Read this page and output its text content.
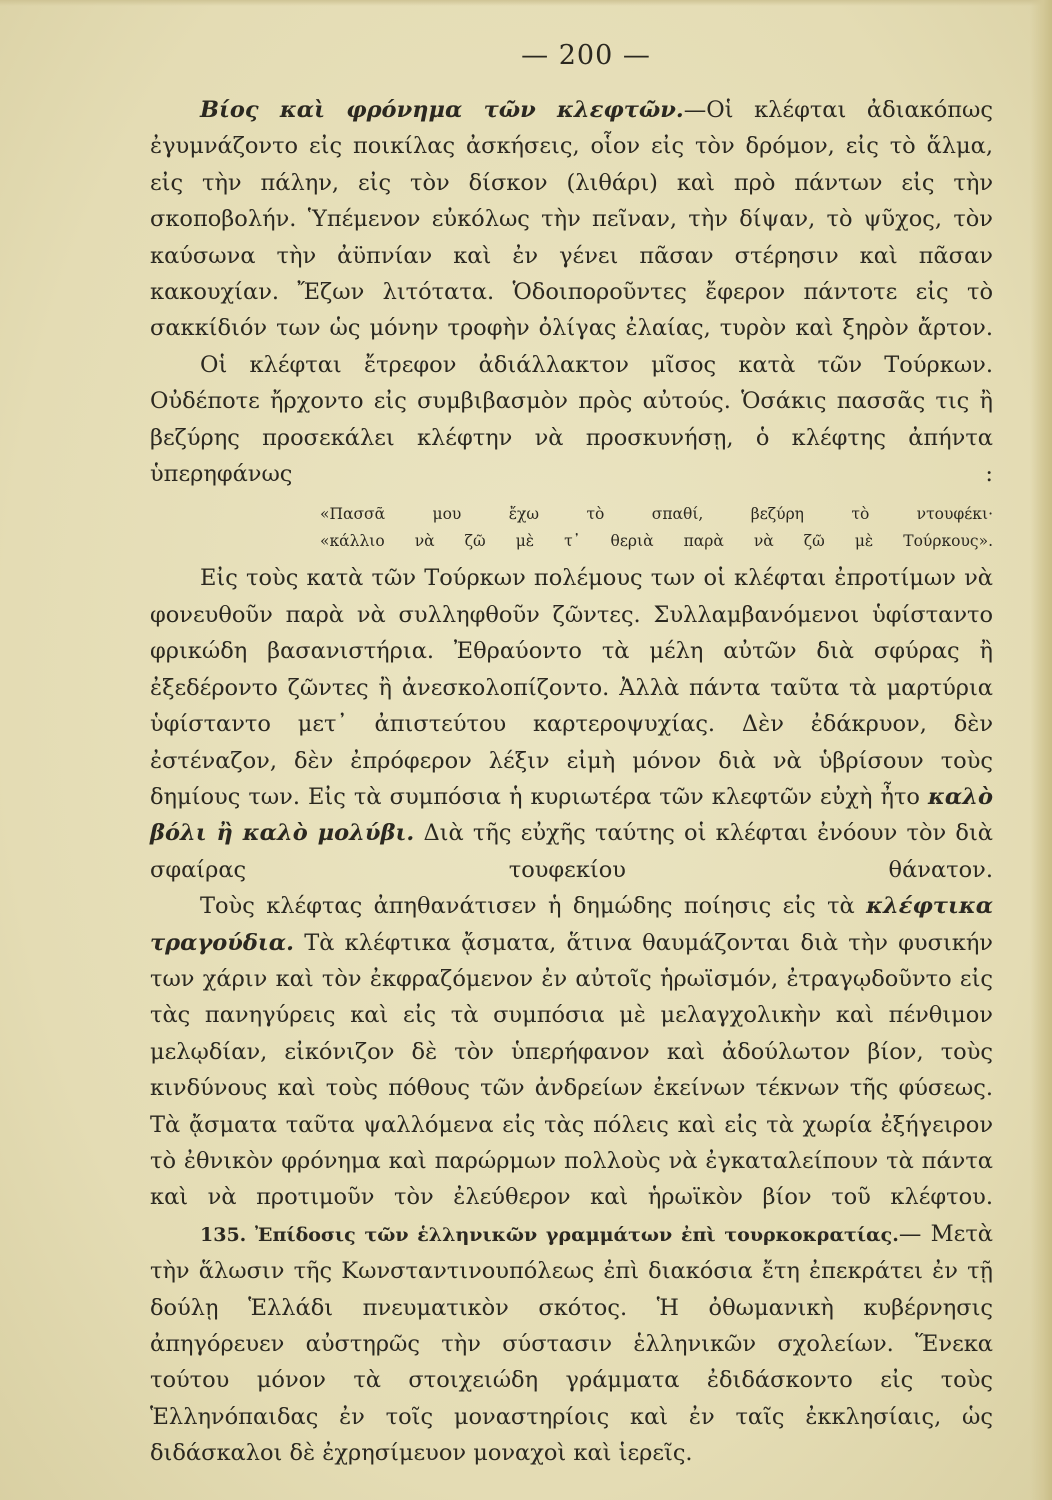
— 200 —

Βίος καὶ φρόνημα τῶν κλεφτῶν.—Οἱ κλέφται ἀδιακόπως ἐγυμνάζοντο εἰς ποικίλας ἀσκήσεις, οἷον εἰς τὸν δρόμον, εἰς τὸ ἅλμα, εἰς τὴν πάλην, εἰς τὸν δίσκον (λιθάρι) καὶ πρὸ πάντων εἰς τὴν σκοποβολήν. Ὑπέμενον εὐκόλως τὴν πεῖναν, τὴν δίψαν, τὸ ψῦχος, τὸν καύσωνα τὴν ἀϋπνίαν καὶ ἐν γένει πᾶσαν στέρησιν καὶ πᾶσαν κακουχίαν. Ἔζων λιτότατα. Ὁδοιποροῦντες ἔφερον πάντοτε εἰς τὸ σακκίδιόν των ὡς μόνην τροφὴν ὀλίγας ἐλαίας, τυρὸν καὶ ξηρὸν ἄρτον.

Οἱ κλέφται ἔτρεφον ἀδιάλλακτον μῖσος κατὰ τῶν Τούρκων. Οὐδέποτε ἤρχοντο εἰς συμβιβασμὸν πρὸς αὐτούς. Ὁσάκις πασσᾶς τις ἢ βεζύρης προσεκάλει κλέφτην νὰ προσκυνήσῃ, ὁ κλέφτης ἀπήντα ὑπερηφάνως :

«Πασσᾶ μου ἔχω τὸ σπαθί, βεζύρη τὸ ντουφέκι·

«κάλλιο νὰ ζῶ μὲ τ᾽ θεριὰ παρὰ νὰ ζῶ μὲ Τούρκους».

Εἰς τοὺς κατὰ τῶν Τούρκων πολέμους των οἱ κλέφται ἐπροτίμων νὰ φονευθοῦν παρὰ νὰ συλληφθοῦν ζῶντες. Συλλαμβανόμενοι ὑφίσταντο φρικώδη βασανιστήρια. Ἐθραύοντο τὰ μέλη αὐτῶν διὰ σφύρας ἢ ἐξεδέροντο ζῶντες ἢ ἀνεσκολοπίζοντο. Ἀλλὰ πάντα ταῦτα τὰ μαρτύρια ὑφίσταντο μετ᾽ ἀπιστεύτου καρτεροψυχίας. Δὲν ἐδάκρυον, δὲν ἐστέναζον, δὲν ἐπρόφερον λέξιν εἰμὴ μόνον διὰ νὰ ὑβρίσουν τοὺς δημίους των. Εἰς τὰ συμπόσια ἡ κυριωτέρα τῶν κλεφτῶν εὐχὴ ἦτο καλὸ βόλι ἢ καλὸ μολύβι. Διὰ τῆς εὐχῆς ταύτης οἱ κλέφται ἐνόουν τὸν διὰ σφαίρας τουφεκίου θάνατον.

Τοὺς κλέφτας ἀπηθανάτισεν ἡ δημώδης ποίησις εἰς τὰ κλέφτικα τραγούδια. Τὰ κλέφτικα ᾄσματα, ἅτινα θαυμάζονται διὰ τὴν φυσικήν των χάριν καὶ τὸν ἐκφραζόμενον ἐν αὐτοῖς ἡρωϊσμόν, ἐτραγῳδοῦντο εἰς τὰς πανηγύρεις καὶ εἰς τὰ συμπόσια μὲ μελαγχολικὴν καὶ πένθιμον μελῳδίαν, εἰκόνιζον δὲ τὸν ὑπερήφανον καὶ ἀδούλωτον βίον, τοὺς κινδύνους καὶ τοὺς πόθους τῶν ἀνδρείων ἐκείνων τέκνων τῆς φύσεως. Τὰ ᾄσματα ταῦτα ψαλλόμενα εἰς τὰς πόλεις καὶ εἰς τὰ χωρία ἐξήγειρον τὸ ἐθνικὸν φρόνημα καὶ παρώρμων πολλοὺς νὰ ἐγκαταλείπουν τὰ πάντα καὶ νὰ προτιμοῦν τὸν ἐλεύθερον καὶ ἡρωϊκὸν βίον τοῦ κλέφτου.

135. Ἐπίδοσις τῶν ἑλληνικῶν γραμμάτων ἐπὶ τουρκοκρατίας.— Μετὰ τὴν ἅλωσιν τῆς Κωνσταντινουπόλεως ἐπὶ διακόσια ἔτη ἐπεκράτει ἐν τῇ δούλῃ Ἑλλάδι πνευματικὸν σκότος. Ἡ ὀθωμανικὴ κυβέρνησις ἀπηγόρευεν αὐστηρῶς τὴν σύστασιν ἑλληνικῶν σχολείων. Ἕνεκα τούτου μόνον τὰ στοιχειώδη γράμματα ἐδιδάσκοντο εἰς τοὺς Ἑλληνόπαιδας ἐν τοῖς μοναστηρίοις καὶ ἐν ταῖς ἐκκλησίαις, ὡς διδάσκαλοι δὲ ἐχρησίμευον μοναχοὶ καὶ ἱερεῖς.
